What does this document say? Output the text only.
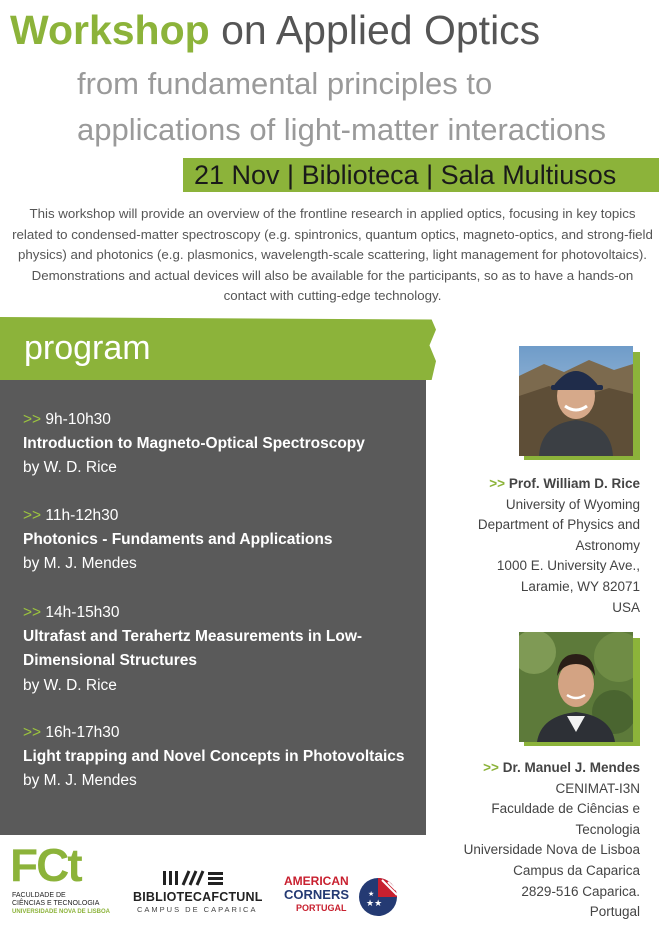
Workshop on Applied Optics
from fundamental principles to
applications of light-matter interactions
21 Nov | Biblioteca | Sala Multiusos
This workshop will provide an overview of the frontline research in applied optics, focusing in key topics related to condensed-matter spectroscopy (e.g. spintronics, quantum optics, magneto-optics, and strong-field physics) and photonics (e.g. plasmonics, wavelength-scale scattering, light management for photovoltaics). Demonstrations and actual devices will also be available for the participants, so as to have a hands-on contact with cutting-edge technology.
program
>> 9h-10h30
Introduction to Magneto-Optical Spectroscopy
by W. D. Rice
>> 11h-12h30
Photonics - Fundaments and Applications
by M. J. Mendes
>> 14h-15h30
Ultrafast and Terahertz Measurements in Low-Dimensional Structures
by W. D. Rice
>> 16h-17h30
Light trapping and Novel Concepts in Photovoltaics
by M. J. Mendes
>> Prof. William D. Rice
University of Wyoming
Department of Physics and
Astronomy
1000 E. University Ave.,
Laramie, WY 82071
USA
>> Dr. Manuel J. Mendes
CENIMAT-I3N
Faculdade de Ciências e
Tecnologia
Universidade Nova de Lisboa
Campus da Caparica
2829-516 Caparica.
Portugal
FCt
FACULDADE DE
CIÊNCIAS E TECNOLOGIA
UNIVERSIDADE NOVA DE LISBOA
BIBLIOTECAFCTUNL
CAMPUS DE CAPARICA
★★
★
AMERICAN
CORNERS
PORTUGAL
